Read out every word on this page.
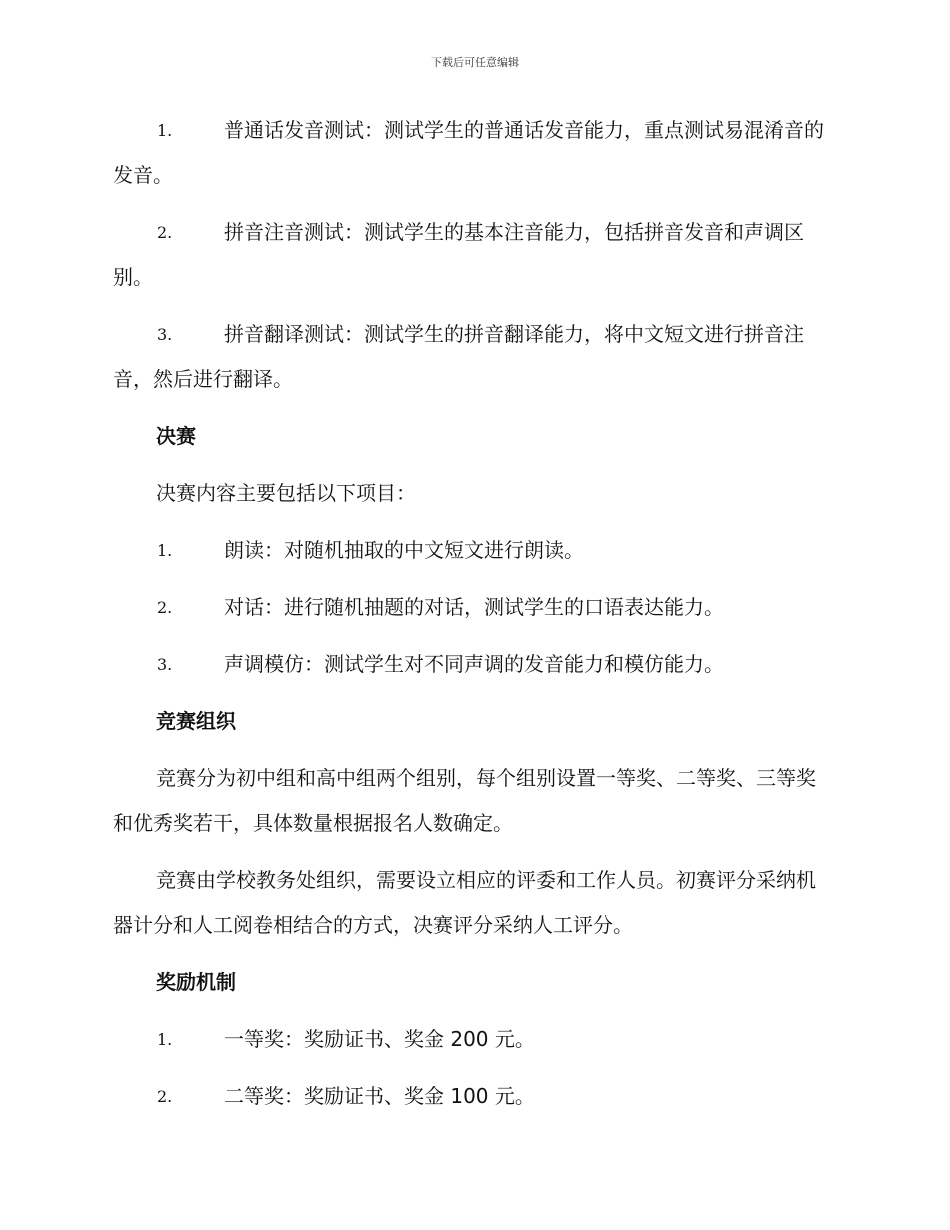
下载后可任意编辑
1.	普通话发音测试：测试学生的普通话发音能力，重点测试易混淆音的发音。
2.	拼音注音测试：测试学生的基本注音能力，包括拼音发音和声调区别。
3.	拼音翻译测试：测试学生的拼音翻译能力，将中文短文进行拼音注音，然后进行翻译。
决赛
决赛内容主要包括以下项目：
1.	朗读：对随机抽取的中文短文进行朗读。
2.	对话：进行随机抽题的对话，测试学生的口语表达能力。
3.	声调模仿：测试学生对不同声调的发音能力和模仿能力。
竞赛组织
竞赛分为初中组和高中组两个组别，每个组别设置一等奖、二等奖、三等奖和优秀奖若干，具体数量根据报名人数确定。
竞赛由学校教务处组织，需要设立相应的评委和工作人员。初赛评分采纳机器计分和人工阅卷相结合的方式，决赛评分采纳人工评分。
奖励机制
1.	一等奖：奖励证书、奖金 200 元。
2.	二等奖：奖励证书、奖金 100 元。
